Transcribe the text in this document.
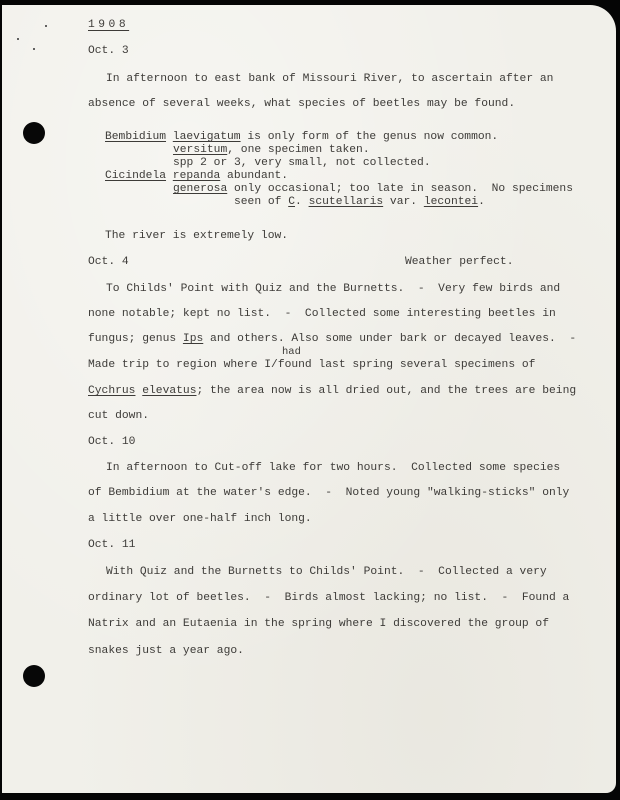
1908
Oct. 3
In afternoon to east bank of Missouri River, to ascertain after an
absence of several weeks, what species of beetles may be found.
Bembidium laevigatum is only form of the genus now common.
versitum, one specimen taken.
spp 2 or 3, very small, not collected.
Cicindela repanda abundant.
generosa only occasional; too late in season.  No specimens
seen of C. scutellaris var. lecontei.
The river is extremely low.
Oct. 4	Weather perfect.
To Childs' Point with Quiz and the Burnetts.  -  Very few birds and
none notable; kept no list.  -  Collected some interesting beetles in
fungus; genus Ips and others. Also some under bark or decayed leaves.  -
had
Made trip to region where I/found last spring several specimens of
Cychrus elevatus; the area now is all dried out, and the trees are being
cut down.
Oct. 10
In afternoon to Cut-off lake for two hours.  Collected some species
of Bembidium at the water's edge.  -  Noted young "walking-sticks" only
a little over one-half inch long.
Oct. 11
With Quiz and the Burnetts to Childs' Point.  -  Collected a very
ordinary lot of beetles.  -  Birds almost lacking; no list.  -  Found a
Natrix and an Eutaenia in the spring where I discovered the group of
snakes just a year ago.
